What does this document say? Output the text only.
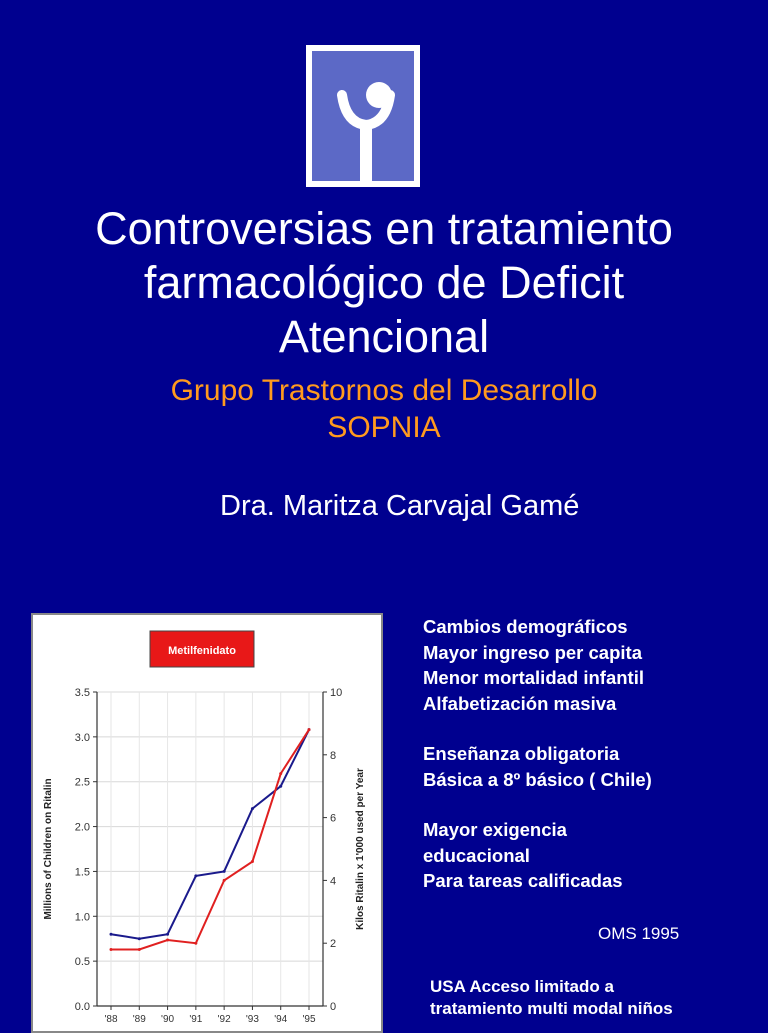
Controversias en tratamiento
farmacológico de Deficit
Atencional
Grupo Trastornos del Desarrollo
SOPNIA
Dra. Maritza Carvajal Gamé
Metilfenidato
0.0
0.5
1.0
1.5
2.0
2.5
3.0
3.5
0
2
4
6
8
10
'88 '89 '90 '91 '92 '93 '94 '95
Millions of Children on Ritalin	Kilos Ritalin x 1'000 used per Year
Cambios demográficos
Mayor ingreso per capita
Menor mortalidad infantil
Alfabetización masiva
Enseñanza obligatoria
Básica a 8º básico ( Chile)
Mayor exigencia
educacional
Para tareas calificadas
OMS 1995
USA Acceso limitado a
tratamiento multi modal niños
